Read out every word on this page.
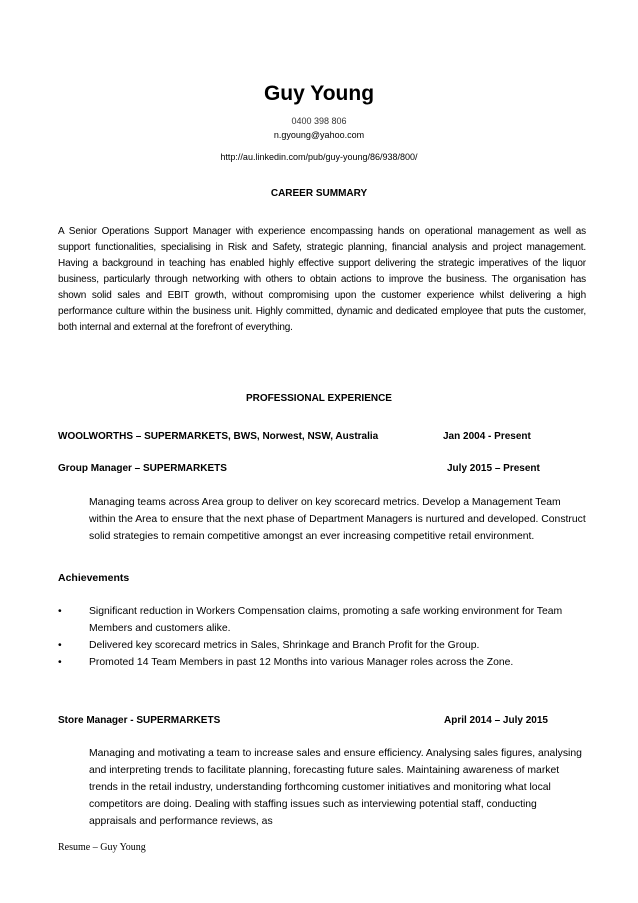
Guy Young
0400 398 806
n.gyoung@yahoo.com
http://au.linkedin.com/pub/guy-young/86/938/800/
CAREER SUMMARY

A Senior Operations Support Manager with experience encompassing hands on operational management as well as support functionalities, specialising in Risk and Safety, strategic planning, financial analysis and project management. Having a background in teaching has enabled highly effective support delivering the strategic imperatives of the liquor business, particularly through networking with others to obtain actions to improve the business. The organisation has shown solid sales and EBIT growth, without compromising upon the customer experience whilst delivering a high performance culture within the business unit. Highly committed, dynamic and dedicated employee that puts the customer, both internal and external at the forefront of everything.

PROFESSIONAL EXPERIENCE
WOOLWORTHS – SUPERMARKETS, BWS, Norwest, NSW, Australia	Jan 2004 - Present
Group Manager – SUPERMARKETS	July 2015 – Present

Managing teams across Area group to deliver on key scorecard metrics. Develop a Management Team within the Area to ensure that the next phase of Department Managers is nurtured and developed. Construct solid strategies to remain competitive amongst an ever increasing competitive retail environment.

Achievements
•	Significant reduction in Workers Compensation claims, promoting a safe working environment for Team Members and customers alike.
•	Delivered key scorecard metrics in Sales, Shrinkage and Branch Profit for the Group.
•	Promoted 14 Team Members in past 12 Months into various Manager roles across the Zone.
Store Manager - SUPERMARKETS	April 2014 – July 2015

Managing and motivating a team to increase sales and ensure efficiency. Analysing sales figures, analysing and interpreting trends to facilitate planning, forecasting future sales. Maintaining awareness of market trends in the retail industry, understanding forthcoming customer initiatives and monitoring what local competitors are doing. Dealing with staffing issues such as interviewing potential staff, conducting appraisals and performance reviews, as

Resume – Guy Young
